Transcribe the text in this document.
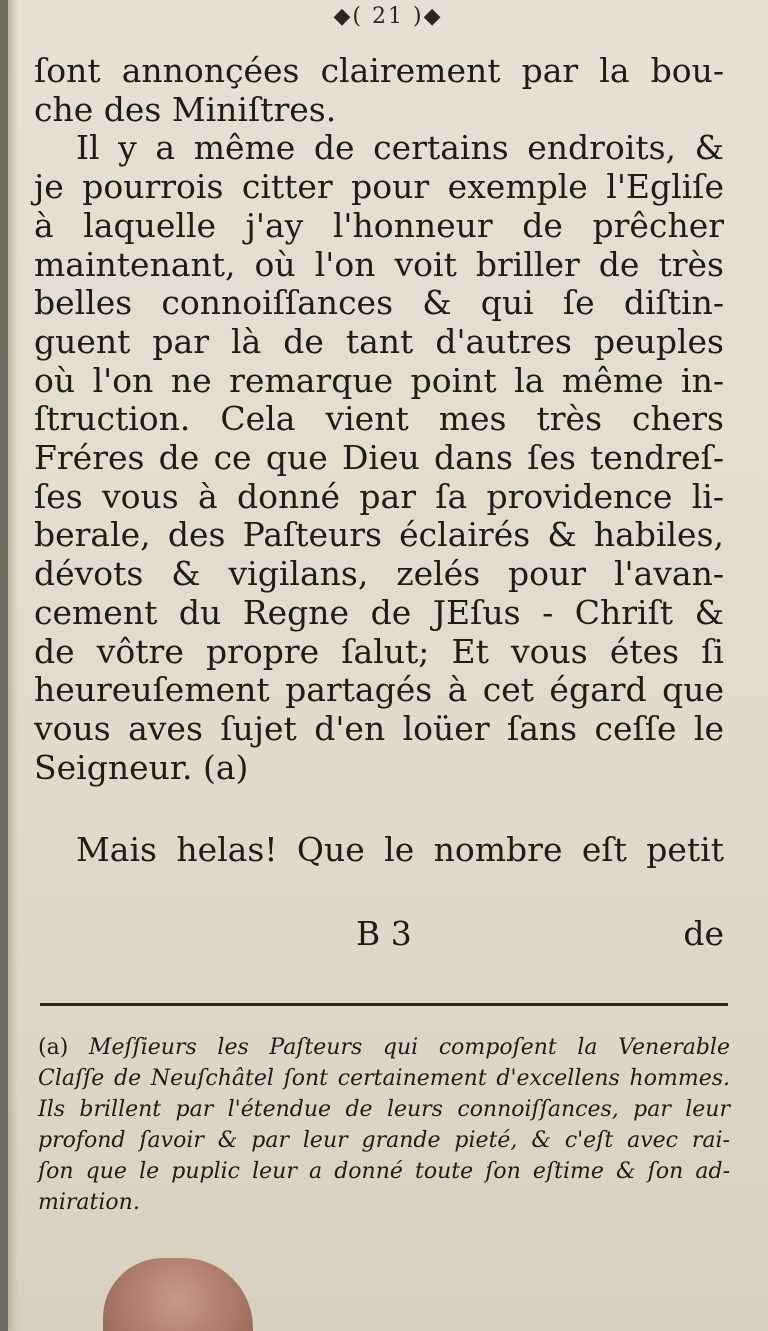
◆( 21 )◆
ſont annonçées clairement par la bou-
che des Miniſtres.
Il y a même de certains endroits, &
je pourrois citter pour exemple l'Egliſe
à laquelle j'ay l'honneur de prêcher
maintenant, où l'on voit briller de très
belles connoiſſances & qui ſe diſtin-
guent par là de tant d'autres peuples
où l'on ne remarque point la même in-
ſtruction. Cela vient mes très chers
Fréres de ce que Dieu dans ſes tendreſ-
ſes vous à donné par ſa providence li-
berale, des Paſteurs éclairés & habiles,
dévots & vigilans, zelés pour l'avan-
cement du Regne de JEſus - Chriſt &
de vôtre propre ſalut; Et vous étes ſi
heureuſement partagés à cet égard que
vous aves ſujet d'en loüer ſans ceſſe le
Seigneur. (a)
Mais helas! Que le nombre eſt petit
B 3	de
(a) Meſſieurs les Paſteurs qui compoſent la Venerable
Claſſe de Neuſchâtel ſont certainement d'excellens hommes.
Ils brillent par l'étendue de leurs connoiſſances, par leur
profond ſavoir & par leur grande pieté, & c'eſt avec rai-
ſon que le puplic leur a donné toute ſon eſtime & ſon ad-
miration.
